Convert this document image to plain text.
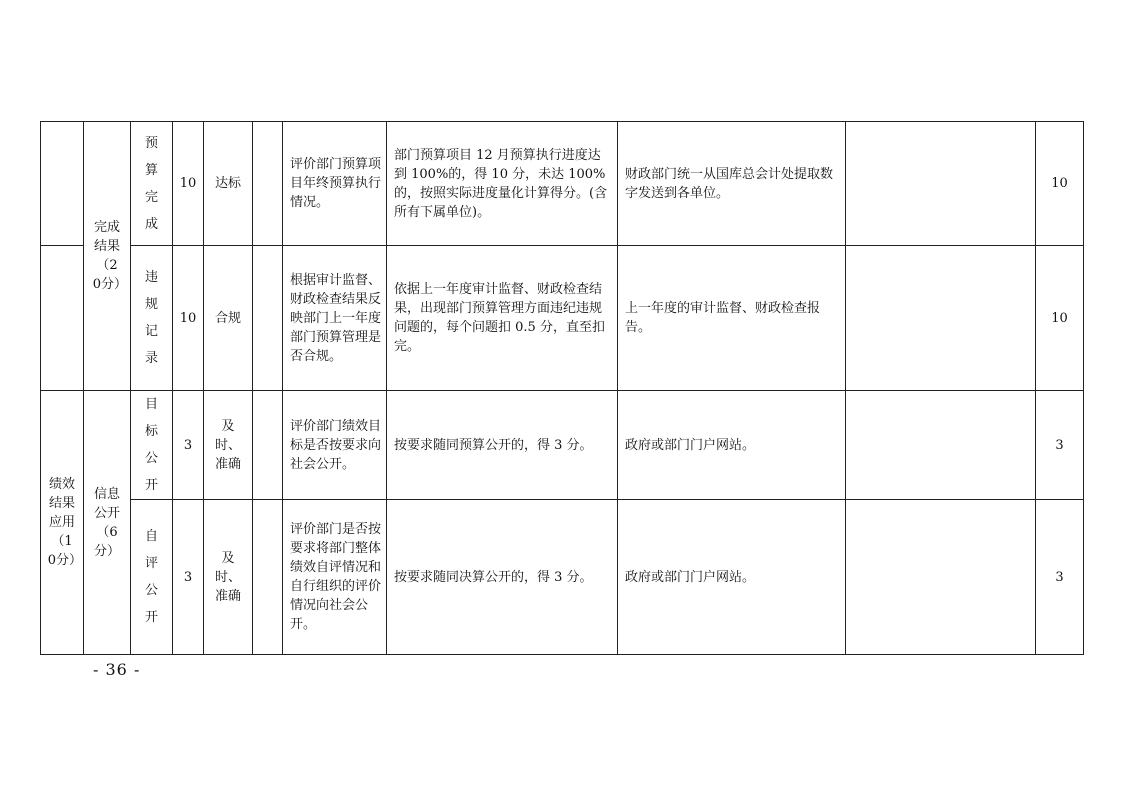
	完成结果（20分）	预算完成	10	达标		评价部门预算项目年终预算执行情况。	部门预算项目 12 月预算执行进度达到 100%的，得 10 分，未达 100%的，按照实际进度量化计算得分。(含所有下属单位)。	财政部门统一从国库总会计处提取数字发送到各单位。		10
		违规记录	10	合规		根据审计监督、财政检查结果反映部门上一年度部门预算管理是否合规。	依据上一年度审计监督、财政检查结果，出现部门预算管理方面违纪违规问题的，每个问题扣 0.5 分，直至扣完。	上一年度的审计监督、财政检查报告。		10
绩效结果应用（10分）	信息公开（6分）	目标公开	3	及时、准确		评价部门绩效目标是否按要求向社会公开。	按要求随同预算公开的，得 3 分。	政府或部门门户网站。		3
		自评公开	3	及时、准确		评价部门是否按要求将部门整体绩效自评情况和自行组织的评价情况向社会公开。	按要求随同决算公开的，得 3 分。	政府或部门门户网站。		3
- 36 -
